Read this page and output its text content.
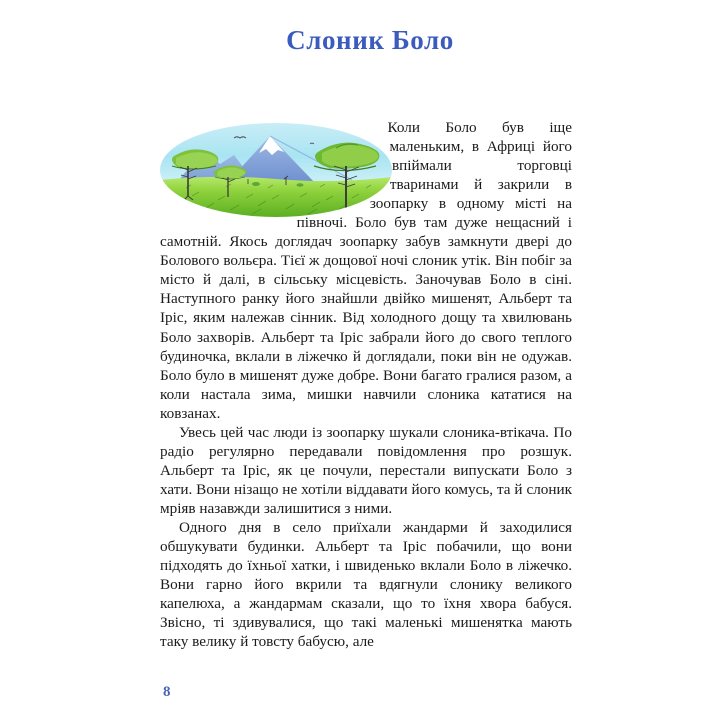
Слоник Боло

Коли Боло був іще маленьким, в Африці його впіймали торговці тваринами й закрили в зоопарку в одному місті на півночі. Боло був там дуже нещасний і самотній. Якось доглядач зоопарку забув замкнути двері до Болового вольєра. Тієї ж дощової ночі слоник утік. Він побіг за місто й далі, в сільську місцевість. Заночував Боло в сіні. Наступного ранку його знайшли двійко мишенят, Альберт та Іріс, яким належав сінник. Від холодного дощу та хвилювань Боло захворів. Альберт та Іріс забрали його до свого теплого будиночка, вклали в ліжечко й доглядали, поки він не одужав. Боло було в мишенят дуже добре. Вони багато гралися разом, а коли настала зима, мишки навчили слоника кататися на ковзанах.

Увесь цей час люди із зоопарку шукали слоника-втікача. По радіо регулярно передавали повідомлення про розшук. Альберт та Іріс, як це почули, перестали випускати Боло з хати. Вони нізащо не хотіли віддавати його комусь, та й слоник мріяв назавжди залишитися з ними.

Одного дня в село приїхали жандарми й заходилися обшукувати будинки. Альберт та Іріс побачили, що вони підходять до їхньої хатки, і швиденько вклали Боло в ліжечко. Вони гарно його вкрили та вдягнули слонику великого капелюха, а жандармам сказали, що то їхня хвора бабуся. Звісно, ті здивувалися, що такі маленькі мишенятка мають таку велику й товсту бабусю, але

8
